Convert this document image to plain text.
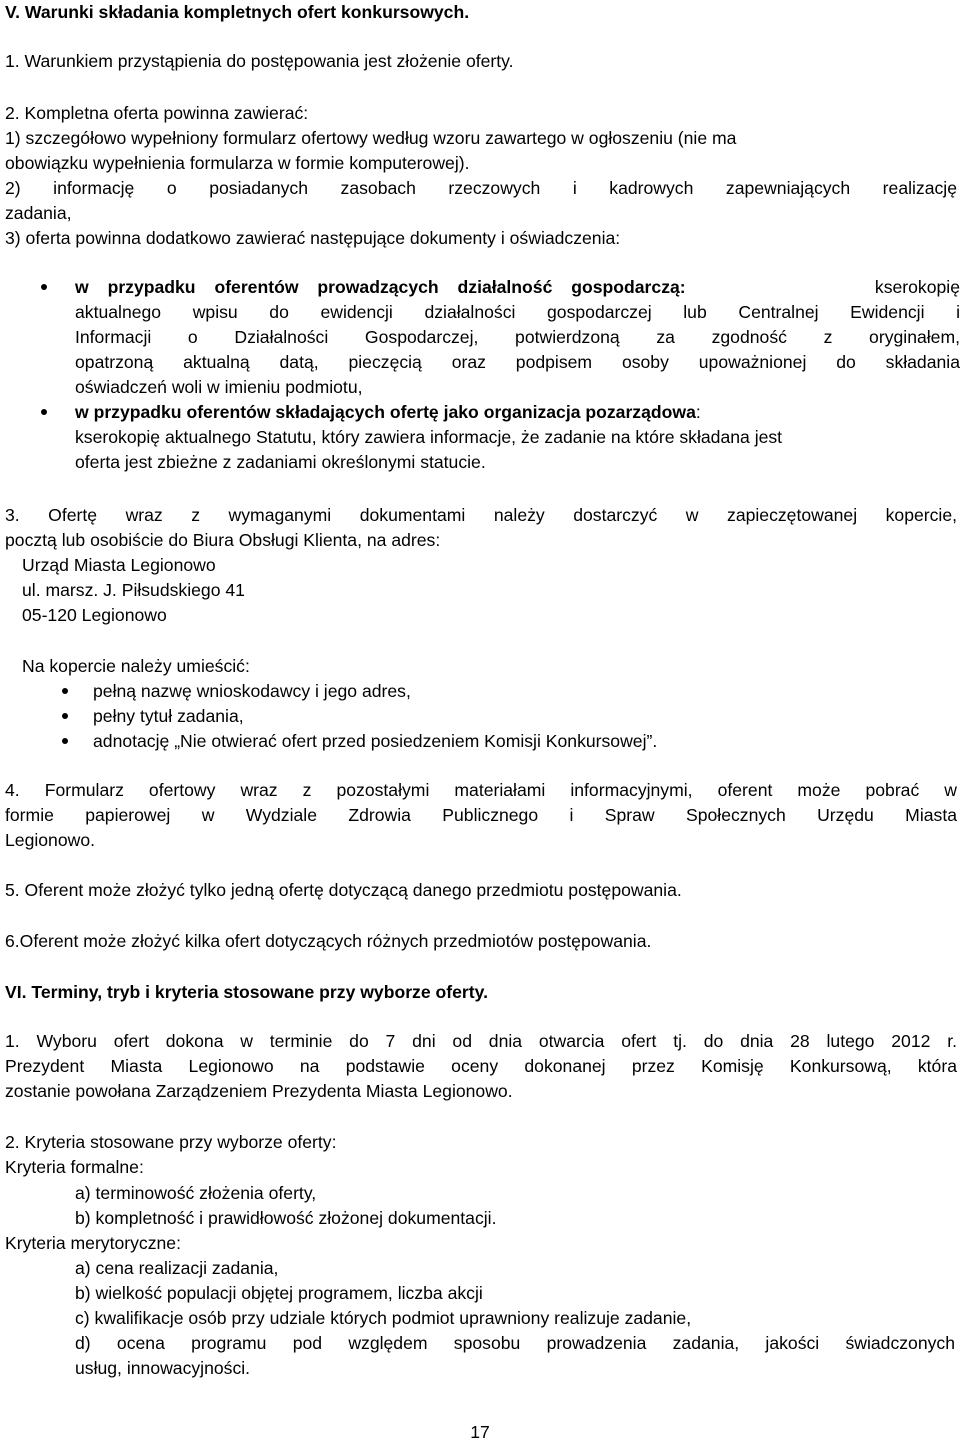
V. Warunki składania kompletnych ofert konkursowych.
1. Warunkiem przystąpienia do postępowania jest złożenie oferty.
2. Kompletna oferta powinna zawierać:
1) szczegółowo wypełniony formularz ofertowy według wzoru zawartego w ogłoszeniu (nie ma
obowiązku wypełnienia formularza w formie komputerowej).
2) informację o posiadanych zasobach rzeczowych i kadrowych zapewniających realizację
zadania,
3) oferta powinna dodatkowo zawierać następujące dokumenty i oświadczenia:
w przypadku oferentów prowadzących działalność gospodarczą:	kserokopię
aktualnego wpisu do ewidencji działalności gospodarczej lub Centralnej Ewidencji i
Informacji o Działalności Gospodarczej, potwierdzoną za zgodność z oryginałem,
opatrzoną aktualną datą, pieczęcią oraz podpisem osoby upoważnionej do składania
oświadczeń woli w imieniu podmiotu,
w przypadku oferentów składających ofertę jako organizacja pozarządowa:
kserokopię aktualnego Statutu, który zawiera informacje, że zadanie na które składana jest
oferta jest zbieżne z zadaniami określonymi statucie.
3. Ofertę wraz z wymaganymi dokumentami należy dostarczyć w zapieczętowanej kopercie,
pocztą lub osobiście do Biura Obsługi Klienta, na adres:
Urząd Miasta Legionowo
ul. marsz. J. Piłsudskiego 41
05-120 Legionowo
Na kopercie należy umieścić:
pełną nazwę wnioskodawcy i jego adres,
pełny tytuł zadania,
adnotację „Nie otwierać ofert przed posiedzeniem Komisji Konkursowej”.
4. Formularz ofertowy wraz z pozostałymi materiałami informacyjnymi, oferent może pobrać w
formie papierowej w Wydziale Zdrowia Publicznego i Spraw Społecznych Urzędu Miasta
Legionowo.
5. Oferent może złożyć tylko jedną ofertę dotyczącą danego przedmiotu postępowania.
6.Oferent może złożyć kilka ofert dotyczących różnych przedmiotów postępowania.
VI. Terminy, tryb i kryteria stosowane przy wyborze oferty.
1. Wyboru ofert dokona w terminie do 7 dni od dnia otwarcia ofert tj. do dnia 28 lutego 2012 r.
Prezydent Miasta Legionowo na podstawie oceny dokonanej przez Komisję Konkursową, która
zostanie powołana Zarządzeniem Prezydenta Miasta Legionowo.
2. Kryteria stosowane przy wyborze oferty:
Kryteria formalne:
a) terminowość złożenia oferty,
b) kompletność i prawidłowość złożonej dokumentacji.
Kryteria merytoryczne:
a) cena realizacji zadania,
b) wielkość populacji objętej programem, liczba akcji
c) kwalifikacje osób przy udziale których podmiot uprawniony realizuje zadanie,
d) ocena programu pod względem sposobu prowadzenia zadania, jakości świadczonych
usług, innowacyjności.
17
